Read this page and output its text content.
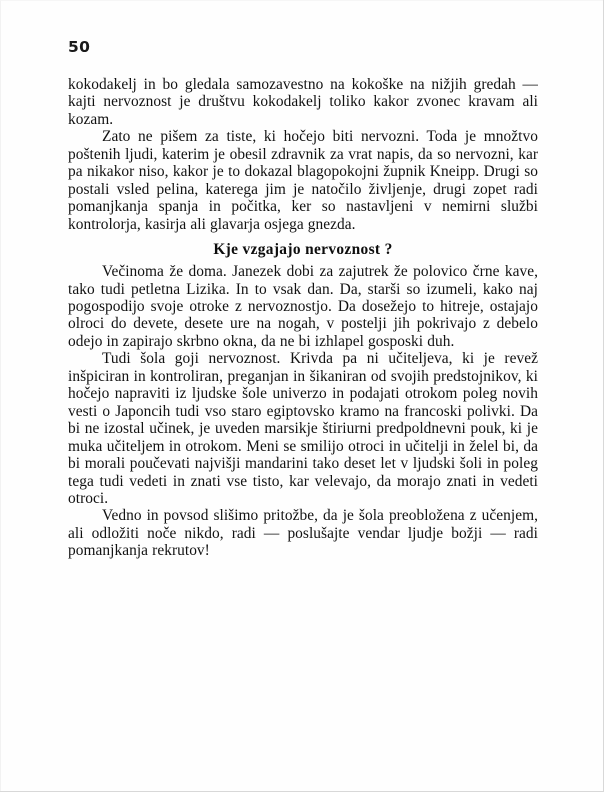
50

kokodakelj in bo gledala samozavestno na kokoške na nižjih gredah — kajti nervoznost je društvu kokodakelj toliko kakor zvonec kravam ali kozam.

Zato ne pišem za tiste, ki hočejo biti nervozni. Toda je množtvo poštenih ljudi, katerim je obesil zdravnik za vrat napis, da so nervozni, kar pa nikakor niso, kakor je to dokazal blagopokojni župnik Kneipp. Drugi so postali vsled pelina, katerega jim je natočilo življenje, drugi zopet radi pomanjkanja spanja in počitka, ker so nastavljeni v nemirni službi kontrolorja, kasirja ali glavarja osjega gnezda.

Kje vzgajajo nervoznost ?

Večinoma že doma. Janezek dobi za zajutrek že polovico črne kave, tako tudi petletna Lizika. In to vsak dan. Da, starši so izumeli, kako naj pogospodijo svoje otroke z nervoznostjo. Da dosežejo to hitreje, ostajajo olroci do devete, desete ure na nogah, v postelji jih pokrivajo z debelo odejo in zapirajo skrbno okna, da ne bi izhlapel gosposki duh.

Tudi šola goji nervoznost. Krivda pa ni učiteljeva, ki je revež inšpiciran in kontroliran, preganjan in šikaniran od svojih predstojnikov, ki hočejo napraviti iz ljudske šole univerzo in podajati otrokom poleg novih vesti o Japoncih tudi vso staro egiptovsko kramo na francoski polivki. Da bi ne izostal učinek, je uveden marsikje štiriurni predpoldnevni pouk, ki je muka učiteljem in otrokom. Meni se smilijo otroci in učitelji in želel bi, da bi morali poučevati najvišji mandarini tako deset let v ljudski šoli in poleg tega tudi vedeti in znati vse tisto, kar velevajo, da morajo znati in vedeti otroci.

Vedno in povsod slišimo pritožbe, da je šola preobložena z učenjem, ali odložiti noče nikdo, radi — poslušajte vendar ljudje božji — radi pomanjkanja rekrutov!
